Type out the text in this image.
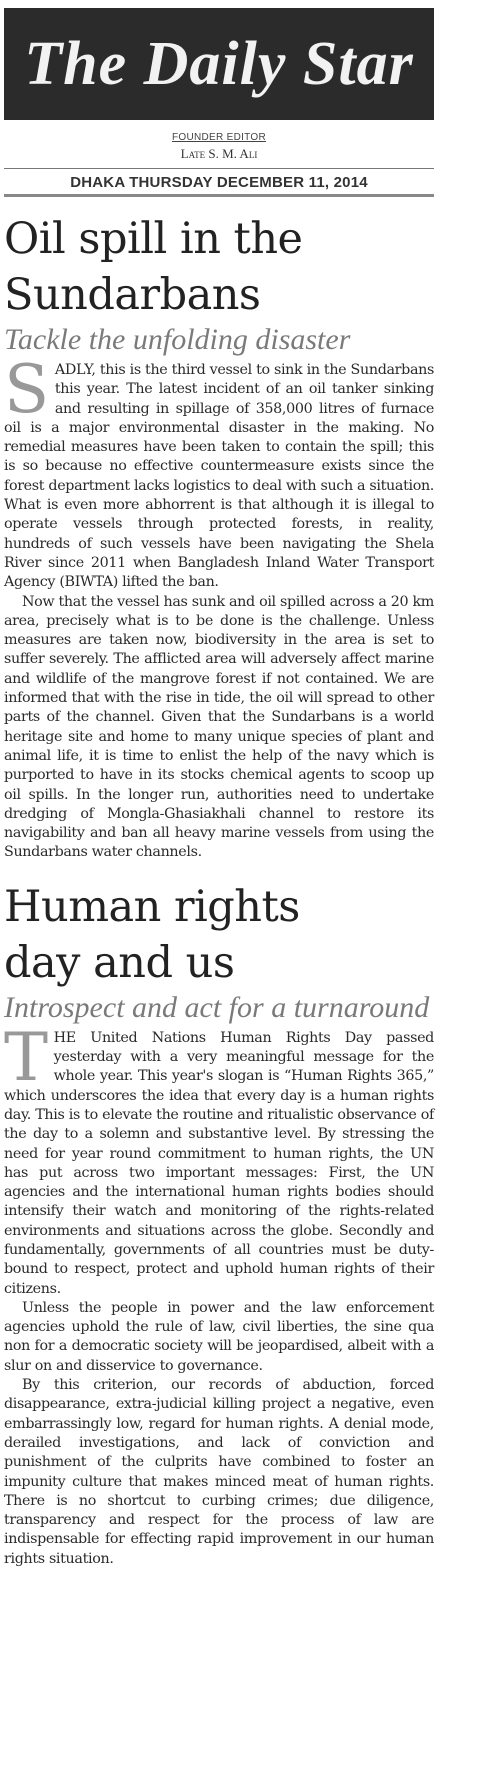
The Daily Star
FOUNDER EDITOR
Late S. M. Ali
DHAKA THURSDAY DECEMBER 11, 2014
Oil spill in the
Sundarbans
Tackle the unfolding disaster

SADLY, this is the third vessel to sink in the Sundarbans this year. The latest incident of an oil tanker sinking and resulting in spillage of 358,000 litres of furnace oil is a major environmental disaster in the making. No remedial measures have been taken to contain the spill; this is so because no effective countermeasure exists since the forest department lacks logistics to deal with such a situation. What is even more abhorrent is that although it is illegal to operate vessels through protected forests, in reality, hundreds of such vessels have been navigating the Shela River since 2011 when Bangladesh Inland Water Transport Agency (BIWTA) lifted the ban.

Now that the vessel has sunk and oil spilled across a 20 km area, precisely what is to be done is the challenge. Unless measures are taken now, biodiversity in the area is set to suffer severely. The afflicted area will adversely affect marine and wildlife of the mangrove forest if not contained. We are informed that with the rise in tide, the oil will spread to other parts of the channel. Given that the Sundarbans is a world heritage site and home to many unique species of plant and animal life, it is time to enlist the help of the navy which is purported to have in its stocks chemical agents to scoop up oil spills. In the longer run, authorities need to undertake dredging of Mongla-Ghasiakhali channel to restore its navigability and ban all heavy marine vessels from using the Sundarbans water channels.

Human rights
day and us
Introspect and act for a turnaround

THE United Nations Human Rights Day passed yesterday with a very meaningful message for the whole year. This year's slogan is “Human Rights 365,” which underscores the idea that every day is a human rights day. This is to elevate the routine and ritualistic observance of the day to a solemn and substantive level. By stressing the need for year round commitment to human rights, the UN has put across two important messages: First, the UN agencies and the international human rights bodies should intensify their watch and monitoring of the rights-related environments and situations across the globe. Secondly and fundamentally, governments of all countries must be duty-bound to respect, protect and uphold human rights of their citizens.

Unless the people in power and the law enforcement agencies uphold the rule of law, civil liberties, the sine qua non for a democratic society will be jeopardised, albeit with a slur on and disservice to governance.

By this criterion, our records of abduction, forced disappearance, extra-judicial killing project a negative, even embarrassingly low, regard for human rights. A denial mode, derailed investigations, and lack of conviction and punishment of the culprits have combined to foster an impunity culture that makes minced meat of human rights. There is no shortcut to curbing crimes; due diligence, transparency and respect for the process of law are indispensable for effecting rapid improvement in our human rights situation.
